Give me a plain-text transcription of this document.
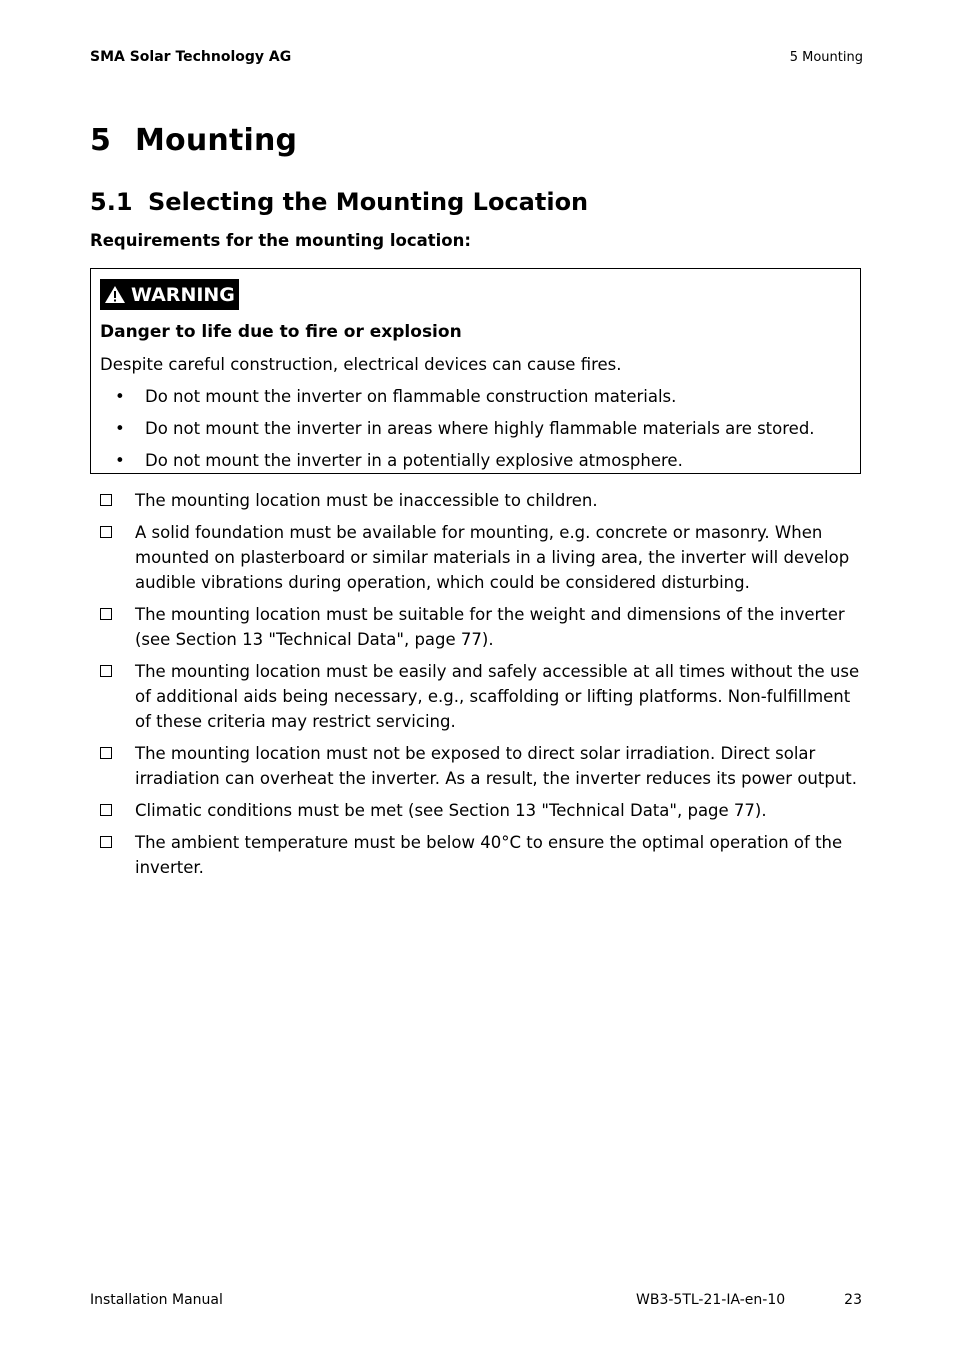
SMA Solar Technology AG	5 Mounting
5 Mounting
5.1 Selecting the Mounting Location
Requirements for the mounting location:
WARNING
Danger to life due to fire or explosion
Despite careful construction, electrical devices can cause fires.
• Do not mount the inverter on flammable construction materials.
• Do not mount the inverter in areas where highly flammable materials are stored.
• Do not mount the inverter in a potentially explosive atmosphere.
The mounting location must be inaccessible to children.
A solid foundation must be available for mounting, e.g. concrete or masonry. When mounted on plasterboard or similar materials in a living area, the inverter will develop audible vibrations during operation, which could be considered disturbing.
The mounting location must be suitable for the weight and dimensions of the inverter (see Section 13 "Technical Data", page 77).
The mounting location must be easily and safely accessible at all times without the use of additional aids being necessary, e.g., scaffolding or lifting platforms. Non-fulfillment of these criteria may restrict servicing.
The mounting location must not be exposed to direct solar irradiation. Direct solar irradiation can overheat the inverter. As a result, the inverter reduces its power output.
Climatic conditions must be met (see Section 13 "Technical Data", page 77).
The ambient temperature must be below 40°C to ensure the optimal operation of the inverter.
Installation Manual	WB3-5TL-21-IA-en-10	23
